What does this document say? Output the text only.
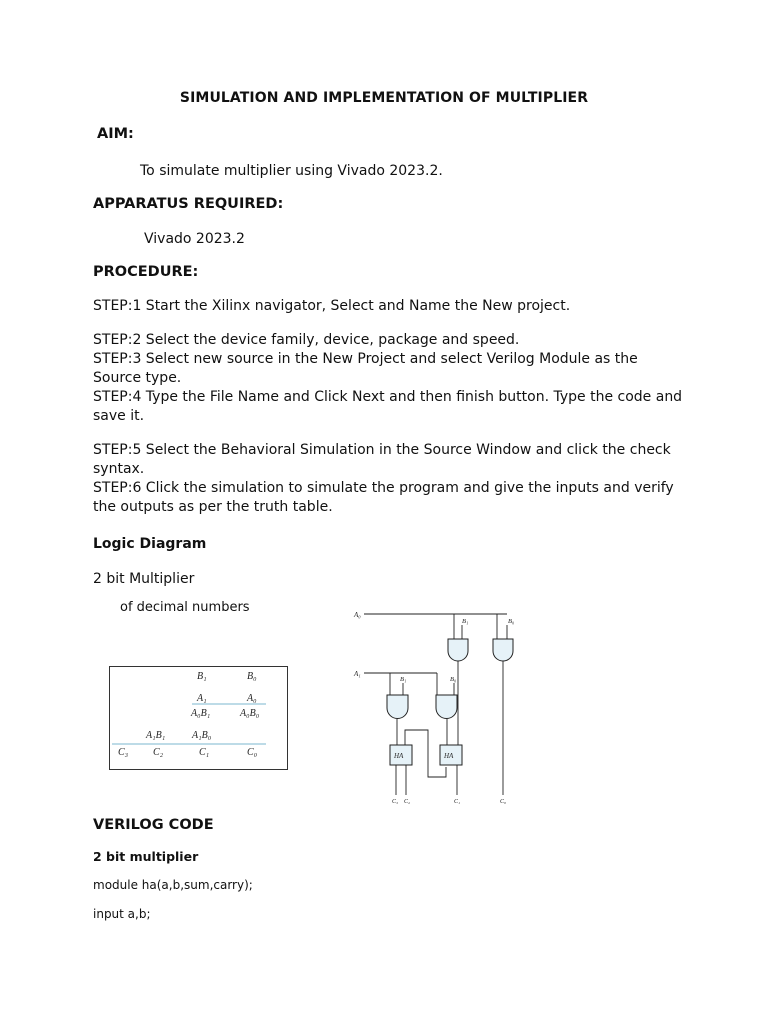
SIMULATION AND IMPLEMENTATION OF MULTIPLIER

AIM:

To simulate multiplier using Vivado 2023.2.

APPARATUS REQUIRED:

Vivado 2023.2

PROCEDURE:

STEP:1 Start the Xilinx navigator, Select and Name the New project.

STEP:2 Select the device family, device, package and speed.

STEP:3 Select new source in the New Project and select Verilog Module as the Source type.

STEP:4 Type the File Name and Click Next and then finish button. Type the code and save it.

STEP:5 Select the Behavioral Simulation in the Source Window and click the check syntax.

STEP:6 Click the simulation to simulate the program and give the inputs and verify the outputs as per the truth table.

Logic Diagram

2 bit Multiplier

of decimal numbers

B₁	B₀
A₁	A₀
A₀B₁	A₀B₀
A₁B₁	A₁B₀
C₃ C₂	C₁	C₀
A₀
A₁
B₁	B₀
B₁	B₀
HA	HA
C₃ C₂	C₁	C₀

VERILOG CODE

2 bit multiplier

module ha(a,b,sum,carry);

input a,b;
